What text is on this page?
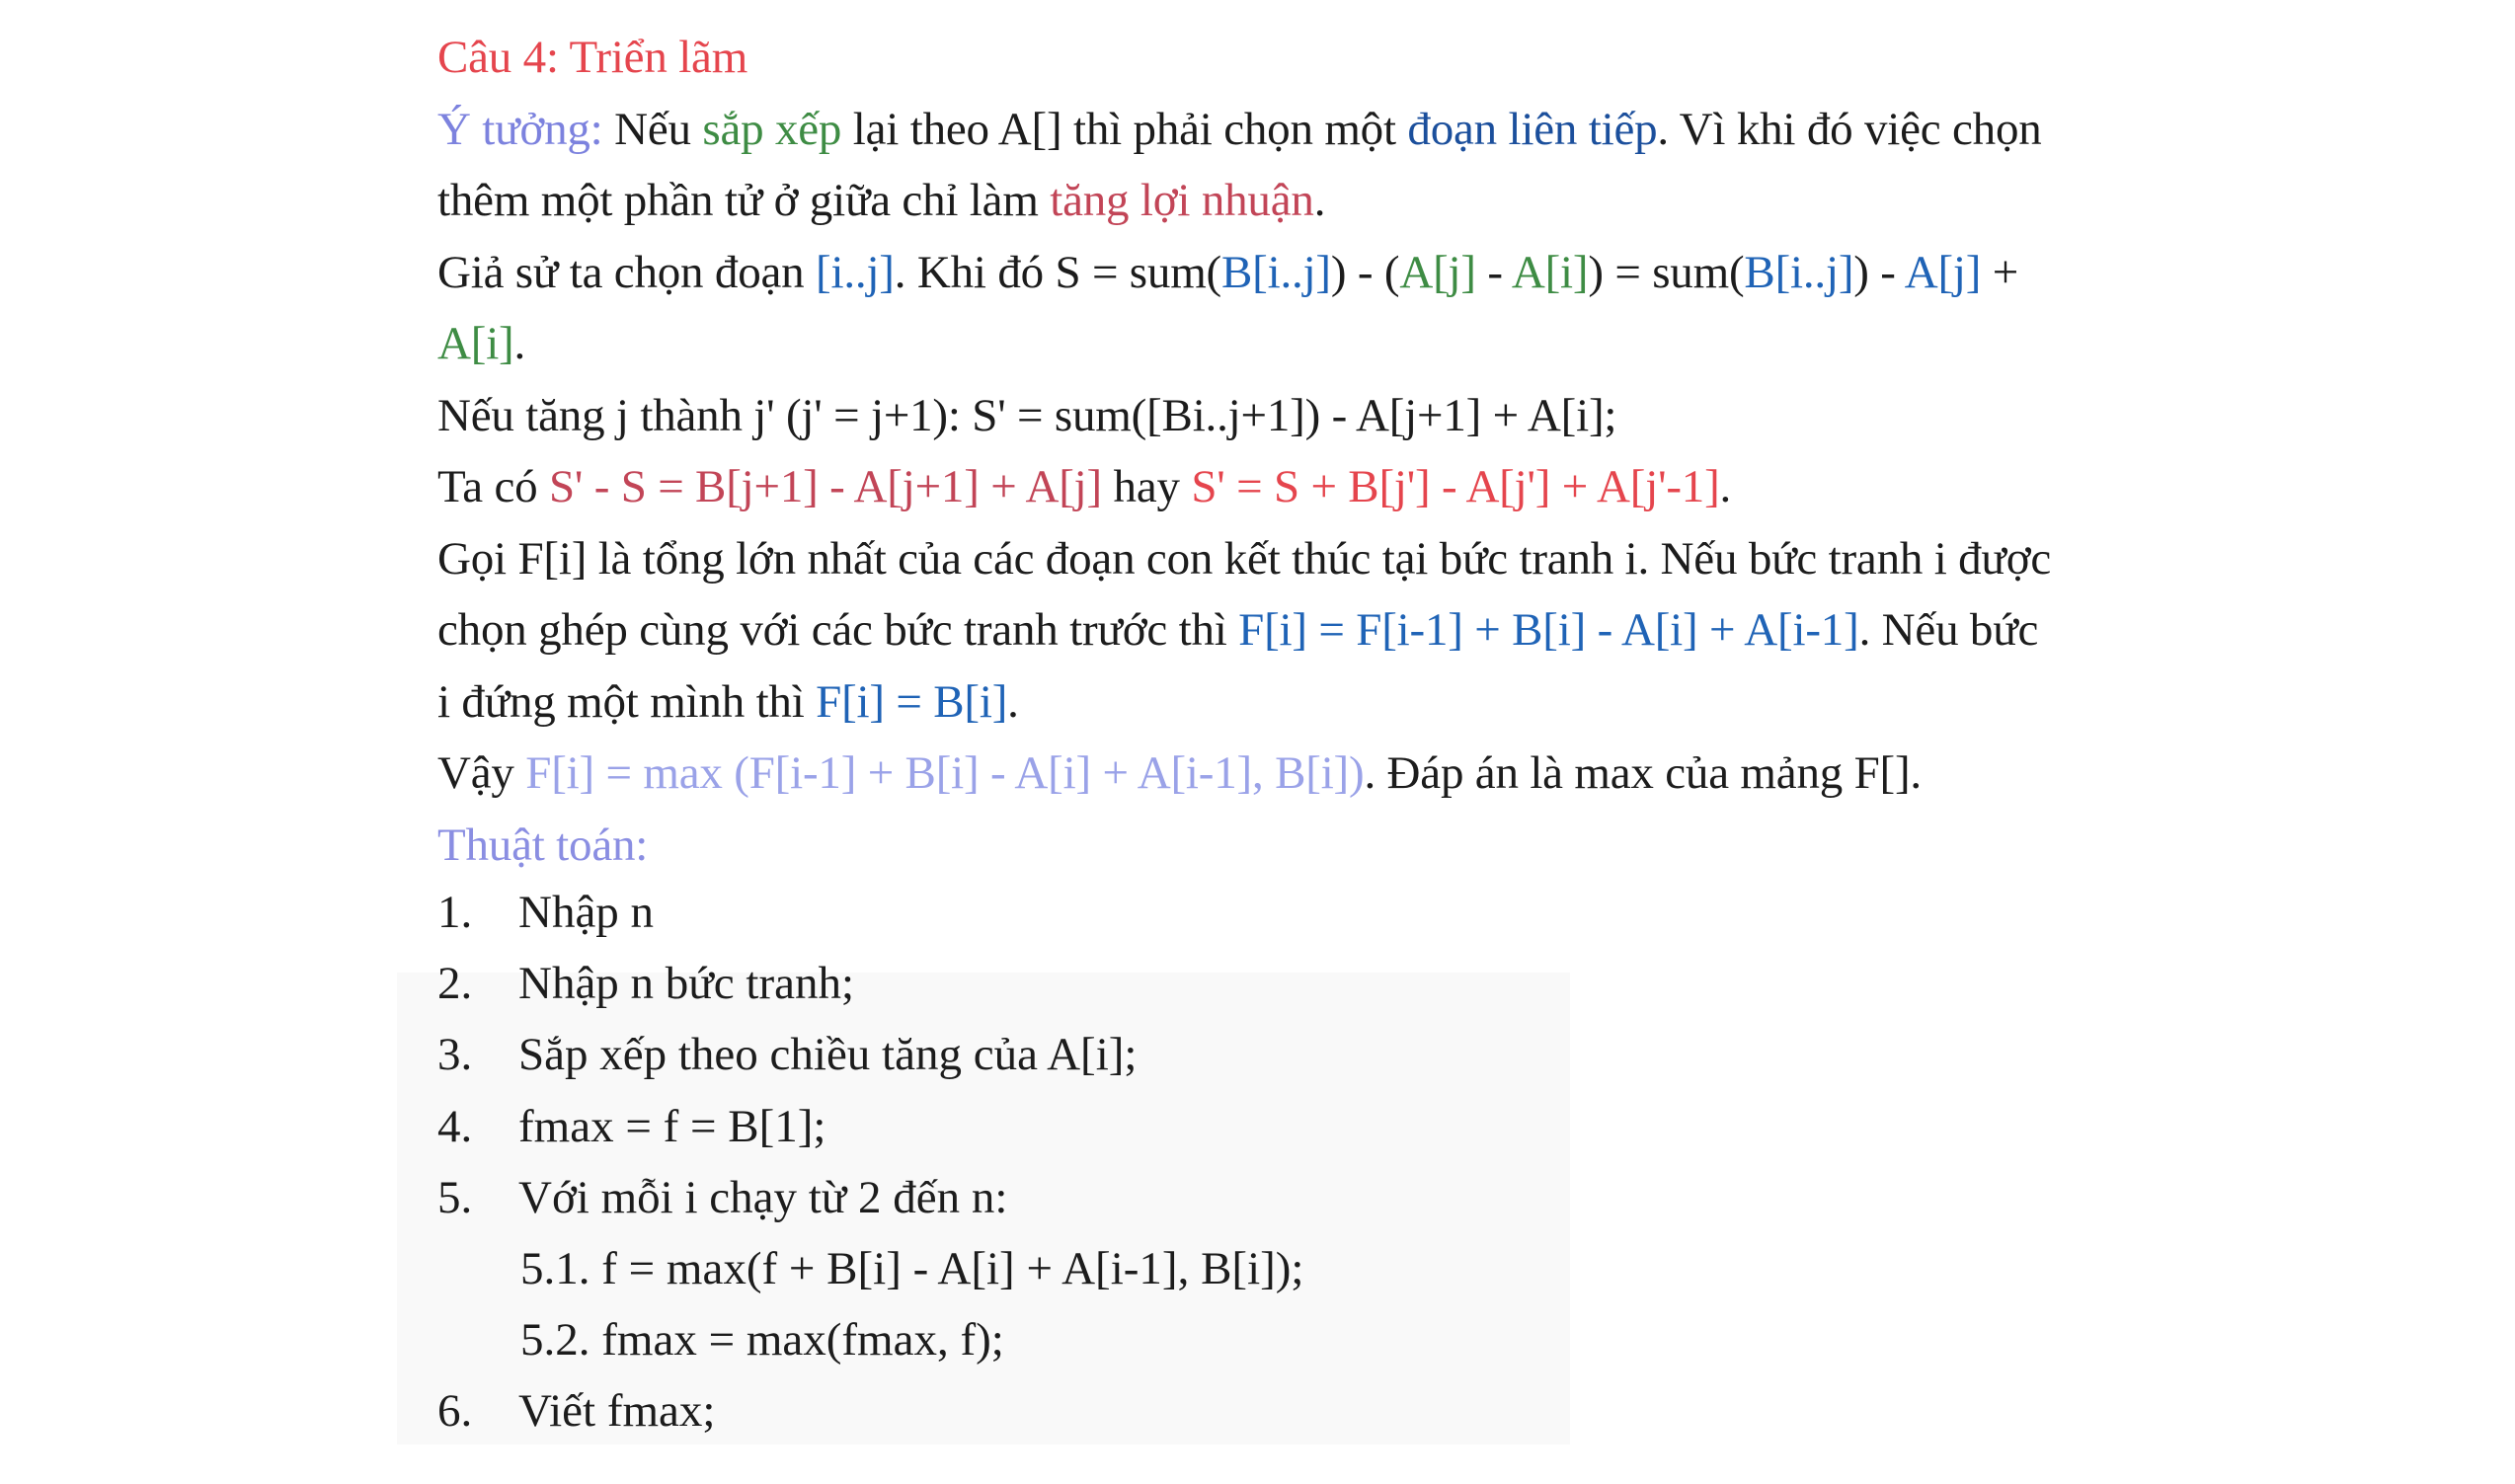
Câu 4: Triển lãm
Ý tưởng: Nếu sắp xếp lại theo A[] thì phải chọn một đoạn liên tiếp. Vì khi đó việc chọn
thêm một phần tử ở giữa chỉ làm tăng lợi nhuận.
Giả sử ta chọn đoạn [i..j]. Khi đó S = sum(B[i..j]) - (A[j] - A[i]) = sum(B[i..j]) - A[j] +
A[i].
Nếu tăng j thành j' (j' = j+1): S' = sum([Bi..j+1]) - A[j+1] + A[i];
Ta có S' - S = B[j+1] - A[j+1] + A[j] hay S' = S + B[j'] - A[j'] + A[j'-1].
Gọi F[i] là tổng lớn nhất của các đoạn con kết thúc tại bức tranh i. Nếu bức tranh i được
chọn ghép cùng với các bức tranh trước thì F[i] = F[i-1] + B[i] - A[i] + A[i-1]. Nếu bức
i đứng một mình thì F[i] = B[i].
Vậy F[i] = max (F[i-1] + B[i] - A[i] + A[i-1], B[i]). Đáp án là max của mảng F[].
Thuật toán:
1. Nhập n
2. Nhập n bức tranh;
3. Sắp xếp theo chiều tăng của A[i];
4. fmax = f = B[1];
5. Với mỗi i chạy từ 2 đến n:
5.1. f = max(f + B[i] - A[i] + A[i-1], B[i]);
5.2. fmax = max(fmax, f);
6. Viết fmax;
